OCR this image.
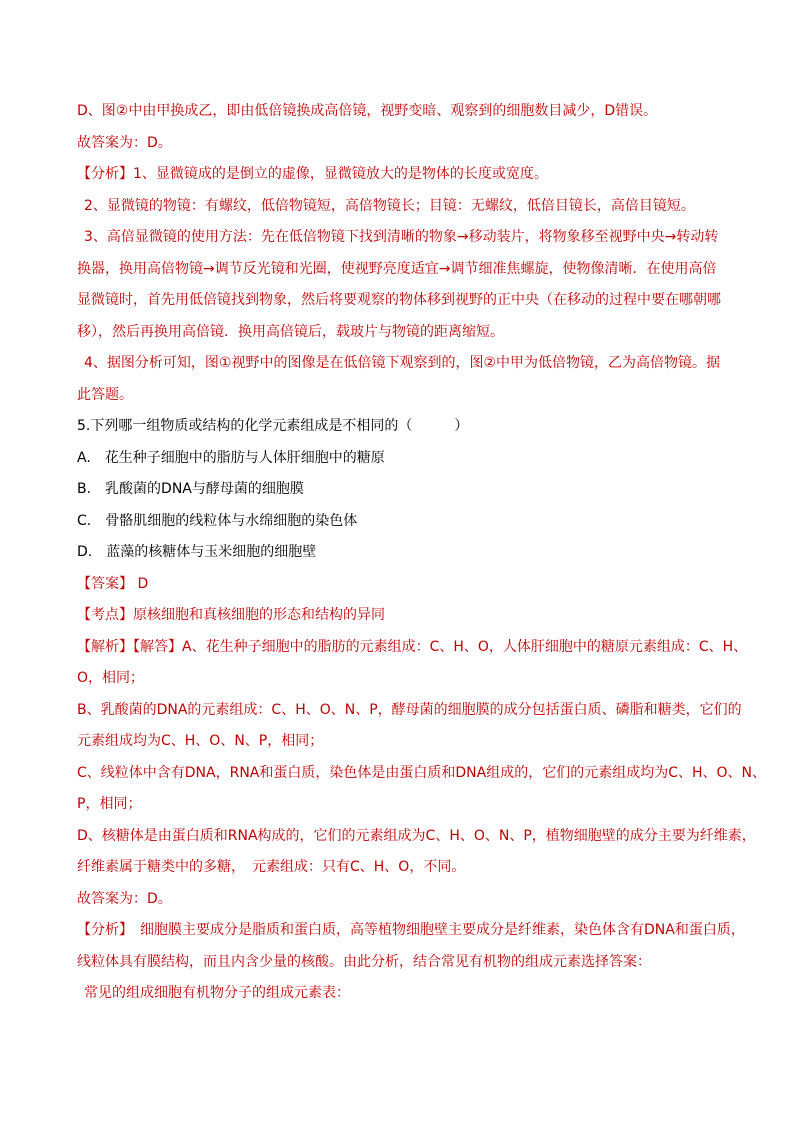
D、图②中由甲换成乙，即由低倍镜换成高倍镜，视野变暗、观察到的细胞数目减少，D错误。

故答案为：D。

【分析】1、显微镜成的是倒立的虚像，显微镜放大的是物体的长度或宽度。

2、显微镜的物镜：有螺纹，低倍物镜短，高倍物镜长；目镜：无螺纹，低倍目镜长，高倍目镜短。

3、高倍显微镜的使用方法：先在低倍物镜下找到清晰的物象→移动装片，将物象移至视野中央→转动转

换器，换用高倍物镜→调节反光镜和光圈，使视野亮度适宜→调节细准焦螺旋，使物像清晰．在使用高倍

显微镜时，首先用低倍镜找到物象，然后将要观察的物体移到视野的正中央（在移动的过程中要在哪朝哪

移），然后再换用高倍镜．换用高倍镜后，载玻片与物镜的距离缩短。

4、据图分析可知，图①视野中的图像是在低倍镜下观察到的，图②中甲为低倍物镜，乙为高倍物镜。据

此答题。

5.下列哪一组物质或结构的化学元素组成是不相同的（　　　）

A.　花生种子细胞中的脂肪与人体肝细胞中的糖原

B.　乳酸菌的DNA与酵母菌的细胞膜

C.　骨骼肌细胞的线粒体与水绵细胞的染色体

D.　蓝藻的核糖体与玉米细胞的细胞壁

【答案】 D

【考点】原核细胞和真核细胞的形态和结构的异同

【解析】【解答】A、花生种子细胞中的脂肪的元素组成：C、H、O，人体肝细胞中的糖原元素组成：C、H、

O，相同；

B、乳酸菌的DNA的元素组成：C、H、O、N、P，酵母菌的细胞膜的成分包括蛋白质、磷脂和糖类，它们的

元素组成均为C、H、O、N、P，相同；

C、线粒体中含有DNA，RNA和蛋白质，染色体是由蛋白质和DNA组成的，它们的元素组成均为C、H、O、N、

P，相同；

D、核糖体是由蛋白质和RNA构成的，它们的元素组成为C、H、O、N、P，植物细胞壁的成分主要为纤维素，

纤维素属于糖类中的多糖，　元素组成：只有C、H、O，不同。

故答案为：D。

【分析】　细胞膜主要成分是脂质和蛋白质，高等植物细胞壁主要成分是纤维素，染色体含有DNA和蛋白质，

线粒体具有膜结构，而且内含少量的核酸。由此分析，结合常见有机物的组成元素选择答案：

常见的组成细胞有机物分子的组成元素表：
